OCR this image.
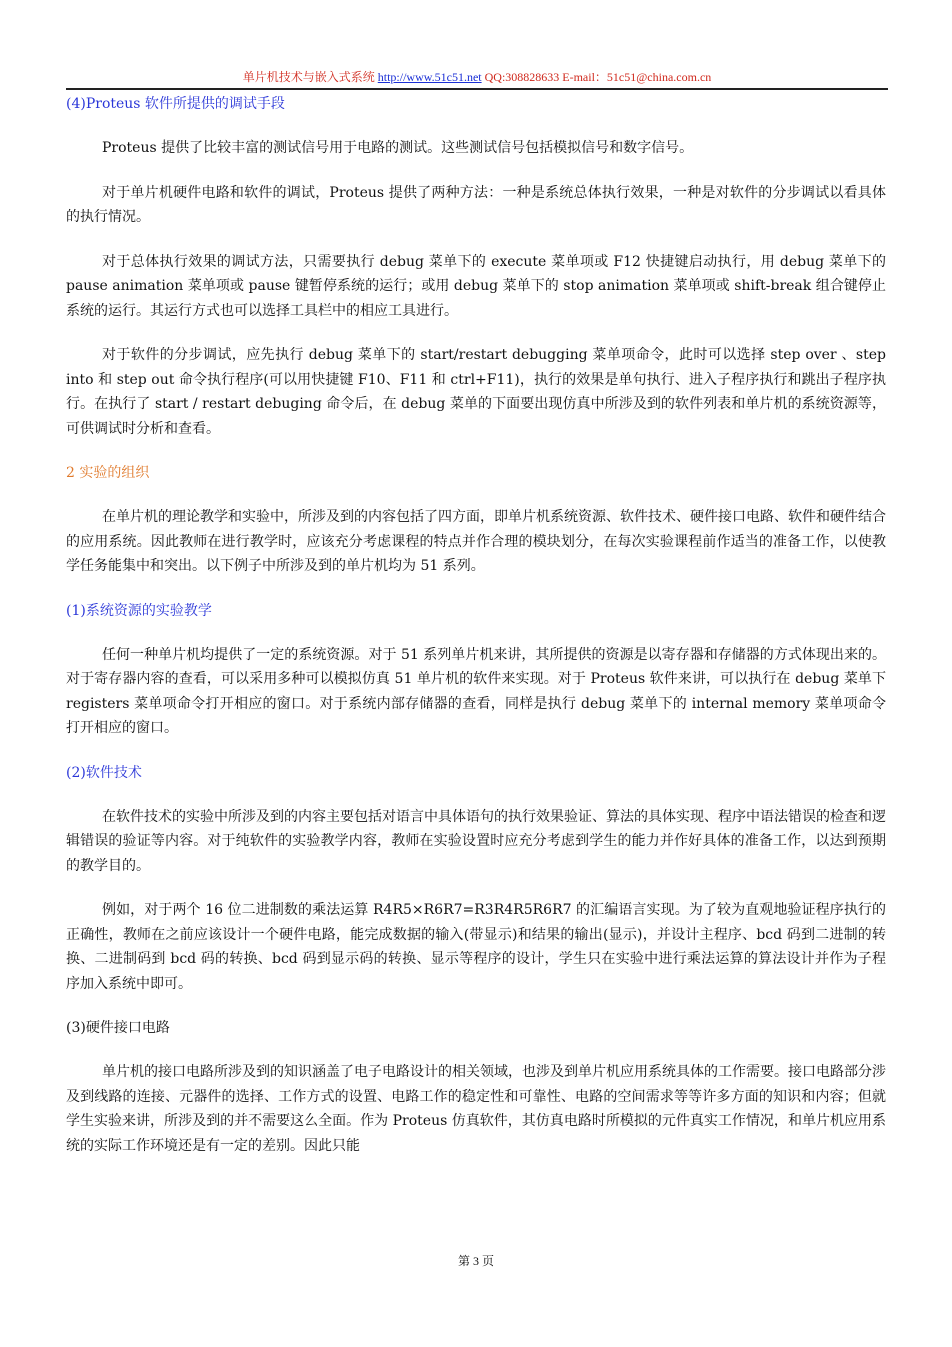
单片机技术与嵌入式系统 http://www.51c51.net QQ:308828633 E-mail：51c51@china.com.cn
(4)Proteus 软件所提供的调试手段
Proteus 提供了比较丰富的测试信号用于电路的测试。这些测试信号包括模拟信号和数字信号。
对于单片机硬件电路和软件的调试，Proteus 提供了两种方法：一种是系统总体执行效果，一种是对软件的分步调试以看具体的执行情况。
对于总体执行效果的调试方法，只需要执行 debug 菜单下的 execute 菜单项或 F12 快捷键启动执行，用 debug 菜单下的 pause animation 菜单项或 pause 键暂停系统的运行；或用 debug 菜单下的 stop animation 菜单项或 shift-break 组合键停止系统的运行。其运行方式也可以选择工具栏中的相应工具进行。
对于软件的分步调试，应先执行 debug 菜单下的 start/restart debugging 菜单项命令，此时可以选择 step over 、step into 和 step out 命令执行程序(可以用快捷键 F10、F11 和 ctrl+F11)，执行的效果是单句执行、进入子程序执行和跳出子程序执行。在执行了 start / restart debuging 命令后，在 debug 菜单的下面要出现仿真中所涉及到的软件列表和单片机的系统资源等，可供调试时分析和查看。
2 实验的组织
在单片机的理论教学和实验中，所涉及到的内容包括了四方面，即单片机系统资源、软件技术、硬件接口电路、软件和硬件结合的应用系统。因此教师在进行教学时，应该充分考虑课程的特点并作合理的模块划分，在每次实验课程前作适当的准备工作，以使教学任务能集中和突出。以下例子中所涉及到的单片机均为 51 系列。
(1)系统资源的实验教学
任何一种单片机均提供了一定的系统资源。对于 51 系列单片机来讲，其所提供的资源是以寄存器和存储器的方式体现出来的。对于寄存器内容的查看，可以采用多种可以模拟仿真 51 单片机的软件来实现。对于 Proteus 软件来讲，可以执行在 debug 菜单下 registers 菜单项命令打开相应的窗口。对于系统内部存储器的查看，同样是执行 debug 菜单下的 internal memory 菜单项命令打开相应的窗口。
(2)软件技术
在软件技术的实验中所涉及到的内容主要包括对语言中具体语句的执行效果验证、算法的具体实现、程序中语法错误的检查和逻辑错误的验证等内容。对于纯软件的实验教学内容，教师在实验设置时应充分考虑到学生的能力并作好具体的准备工作，以达到预期的教学目的。
例如，对于两个 16 位二进制数的乘法运算 R4R5×R6R7=R3R4R5R6R7 的汇编语言实现。为了较为直观地验证程序执行的正确性，教师在之前应该设计一个硬件电路，能完成数据的输入(带显示)和结果的输出(显示)，并设计主程序、bcd 码到二进制的转换、二进制码到 bcd 码的转换、bcd 码到显示码的转换、显示等程序的设计，学生只在实验中进行乘法运算的算法设计并作为子程序加入系统中即可。
(3)硬件接口电路
单片机的接口电路所涉及到的知识涵盖了电子电路设计的相关领域，也涉及到单片机应用系统具体的工作需要。接口电路部分涉及到线路的连接、元器件的选择、工作方式的设置、电路工作的稳定性和可靠性、电路的空间需求等等许多方面的知识和内容；但就学生实验来讲，所涉及到的并不需要这么全面。作为 Proteus 仿真软件，其仿真电路时所模拟的元件真实工作情况，和单片机应用系统的实际工作环境还是有一定的差别。因此只能
第 3 页
